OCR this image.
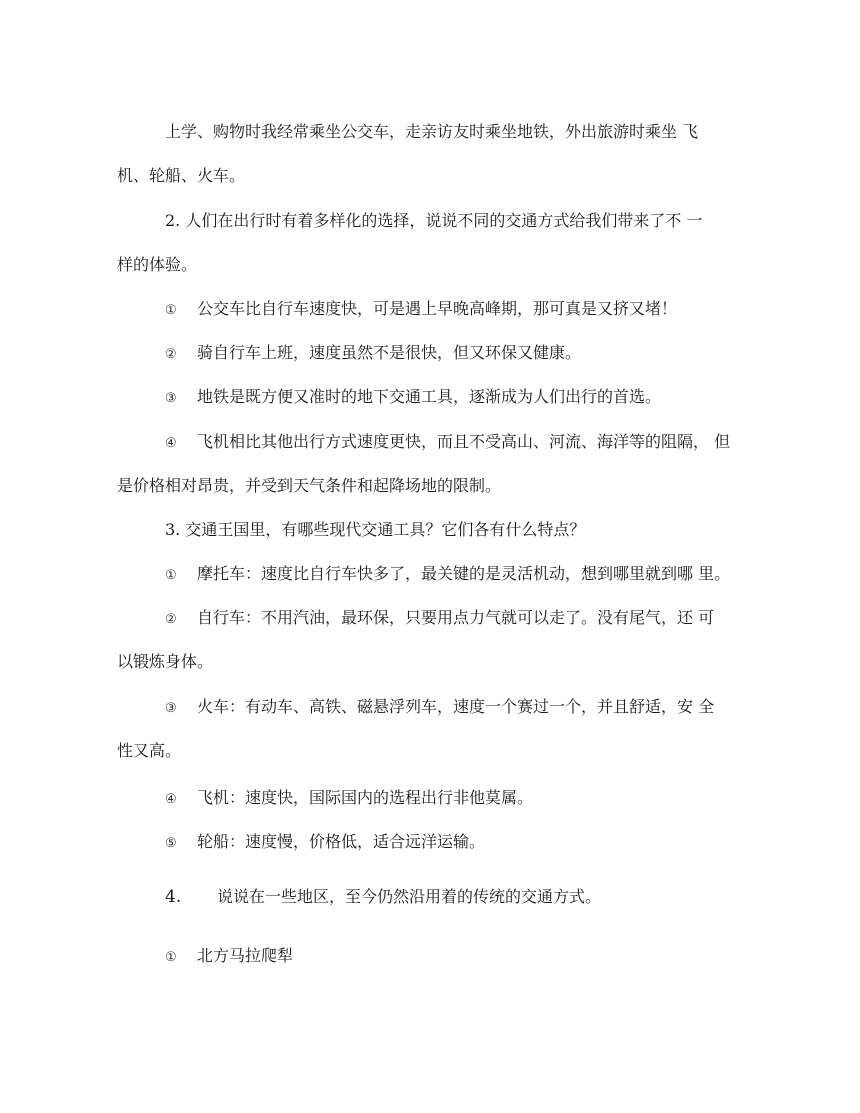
上学、购物时我经常乘坐公交车，走亲访友时乘坐地铁，外出旅游时乘坐 飞
机、轮船、火车。
2. 人们在出行时有着多样化的选择，说说不同的交通方式给我们带来了不 一
样的体验。
① 公交车比自行车速度快，可是遇上早晚高峰期，那可真是又挤又堵！
② 骑自行车上班，速度虽然不是很快，但又环保又健康。
③ 地铁是既方便又准时的地下交通工具，逐渐成为人们出行的首选。
④ 飞机相比其他出行方式速度更快，而且不受高山、河流、海洋等的阻隔， 但
是价格相对昂贵，并受到天气条件和起降场地的限制。
3. 交通王国里，有哪些现代交通工具？它们各有什么特点？
① 摩托车：速度比自行车快多了，最关键的是灵活机动，想到哪里就到哪 里。
② 自行车：不用汽油，最环保，只要用点力气就可以走了。没有尾气，还 可
以锻炼身体。
③ 火车：有动车、高铁、磁悬浮列车，速度一个赛过一个，并且舒适，安 全
性又高。
④ 飞机：速度快，国际国内的选程出行非他莫属。
⑤ 轮船：速度慢，价格低，适合远洋运输。
4. 说说在一些地区，至今仍然沿用着的传统的交通方式。
① 北方马拉爬犁
